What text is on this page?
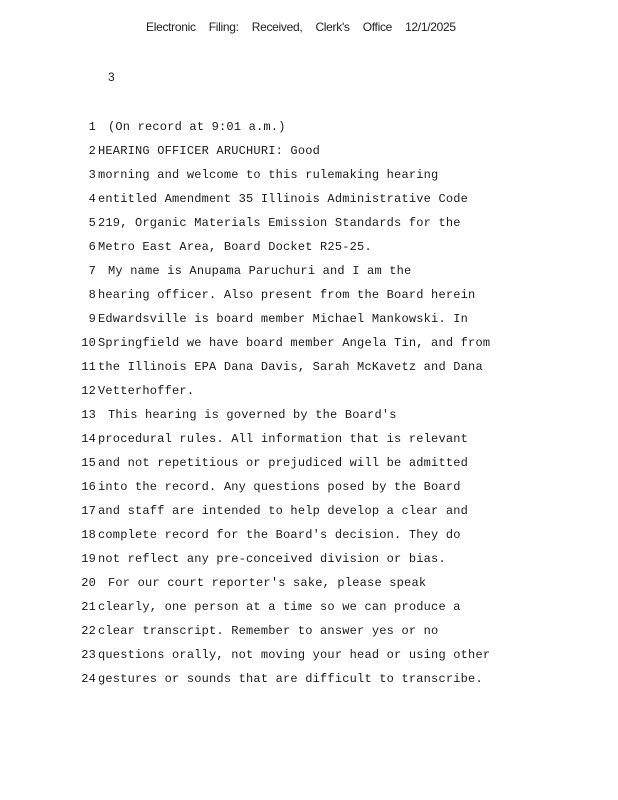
Electronic Filing: Received, Clerk's Office 12/1/2025
3
1 (On record at 9:01 a.m.)
2 HEARING OFFICER ARUCHURI: Good
3 morning and welcome to this rulemaking hearing
4 entitled Amendment 35 Illinois Administrative Code
5 219, Organic Materials Emission Standards for the
6 Metro East Area, Board Docket R25-25.
7 My name is Anupama Paruchuri and I am the
8 hearing officer. Also present from the Board herein
9 Edwardsville is board member Michael Mankowski. In
10 Springfield we have board member Angela Tin, and from
11 the Illinois EPA Dana Davis, Sarah McKavetz and Dana
12 Vetterhoffer.
13 This hearing is governed by the Board's
14 procedural rules. All information that is relevant
15 and not repetitious or prejudiced will be admitted
16 into the record. Any questions posed by the Board
17 and staff are intended to help develop a clear and
18 complete record for the Board's decision. They do
19 not reflect any pre-conceived division or bias.
20 For our court reporter's sake, please speak
21 clearly, one person at a time so we can produce a
22 clear transcript. Remember to answer yes or no
23 questions orally, not moving your head or using other
24 gestures or sounds that are difficult to transcribe.
